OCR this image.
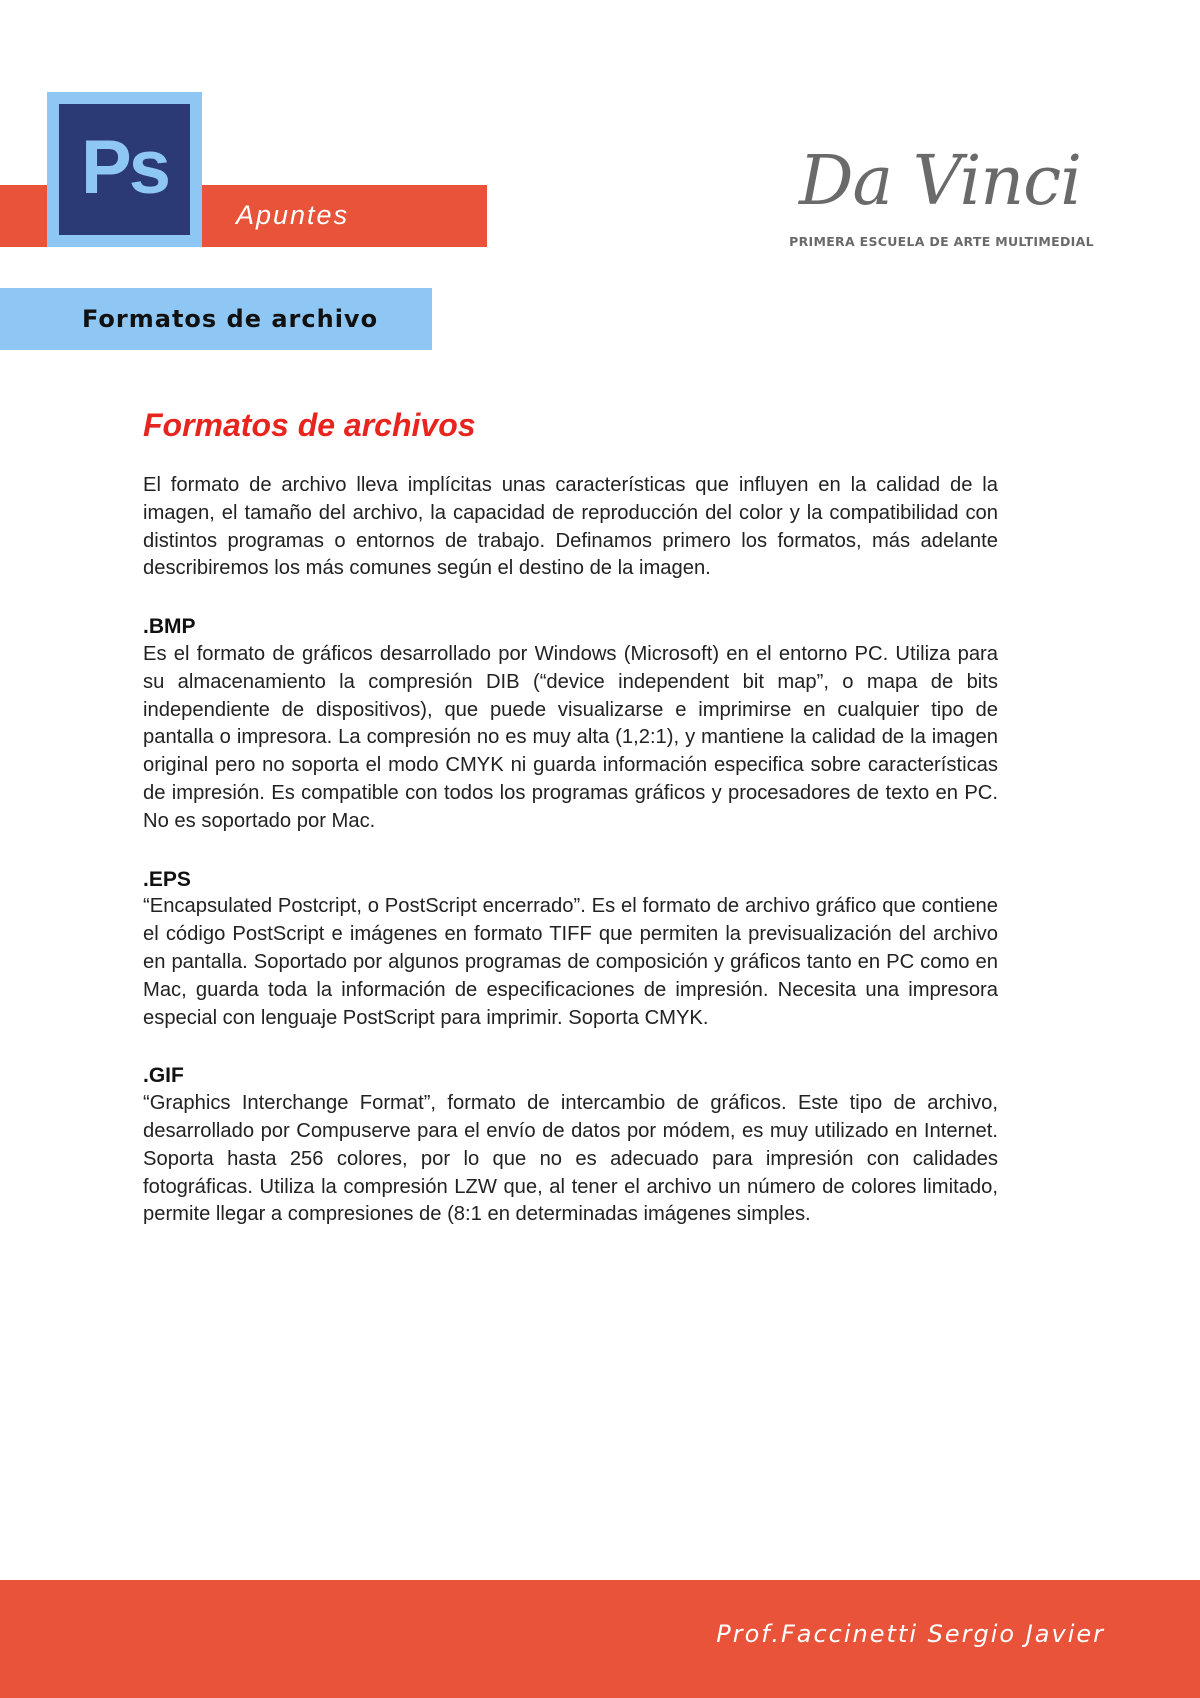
Ps
Apuntes	Da Vinci
PRIMERA ESCUELA DE ARTE MULTIMEDIAL
Formatos de archivo
Formatos de archivos

El formato de archivo lleva implícitas unas características que influyen en la calidad de la imagen, el tamaño del archivo, la capacidad de reproducción del color y la compatibilidad con distintos programas o entornos de trabajo. Definamos primero los formatos, más adelante describiremos los más comunes según el destino de la imagen.

.BMP

Es el formato de gráficos desarrollado por Windows (Microsoft) en el entorno PC. Utiliza para su almacenamiento la compresión DIB (“device independent bit map”, o mapa de bits independiente de dispositivos), que puede visualizarse e imprimirse en cualquier tipo de pantalla o impresora. La compresión no es muy alta (1,2:1), y mantiene la calidad de la imagen original pero no soporta el modo CMYK ni guarda información especifica sobre características de impresión. Es compatible con todos los programas gráficos y procesadores de texto en PC. No es soportado por Mac.

.EPS

“Encapsulated Postcript, o PostScript encerrado”. Es el formato de archivo gráfico que contiene el código PostScript e imágenes en formato TIFF que permiten la previsualización del archivo en pantalla. Soportado por algunos programas de composición y gráficos tanto en PC como en Mac, guarda toda la información de especificaciones de impresión. Necesita una impresora especial con lenguaje PostScript para imprimir. Soporta CMYK.

.GIF

“Graphics Interchange Format”, formato de intercambio de gráficos. Este tipo de archivo, desarrollado por Compuserve para el envío de datos por módem, es muy utilizado en Internet. Soporta hasta 256 colores, por lo que no es adecuado para impresión con calidades fotográficas. Utiliza la compresión LZW que, al tener el archivo un número de colores limitado, permite llegar a compresiones de (8:1 en determinadas imágenes simples.

Prof.Faccinetti Sergio Javier
